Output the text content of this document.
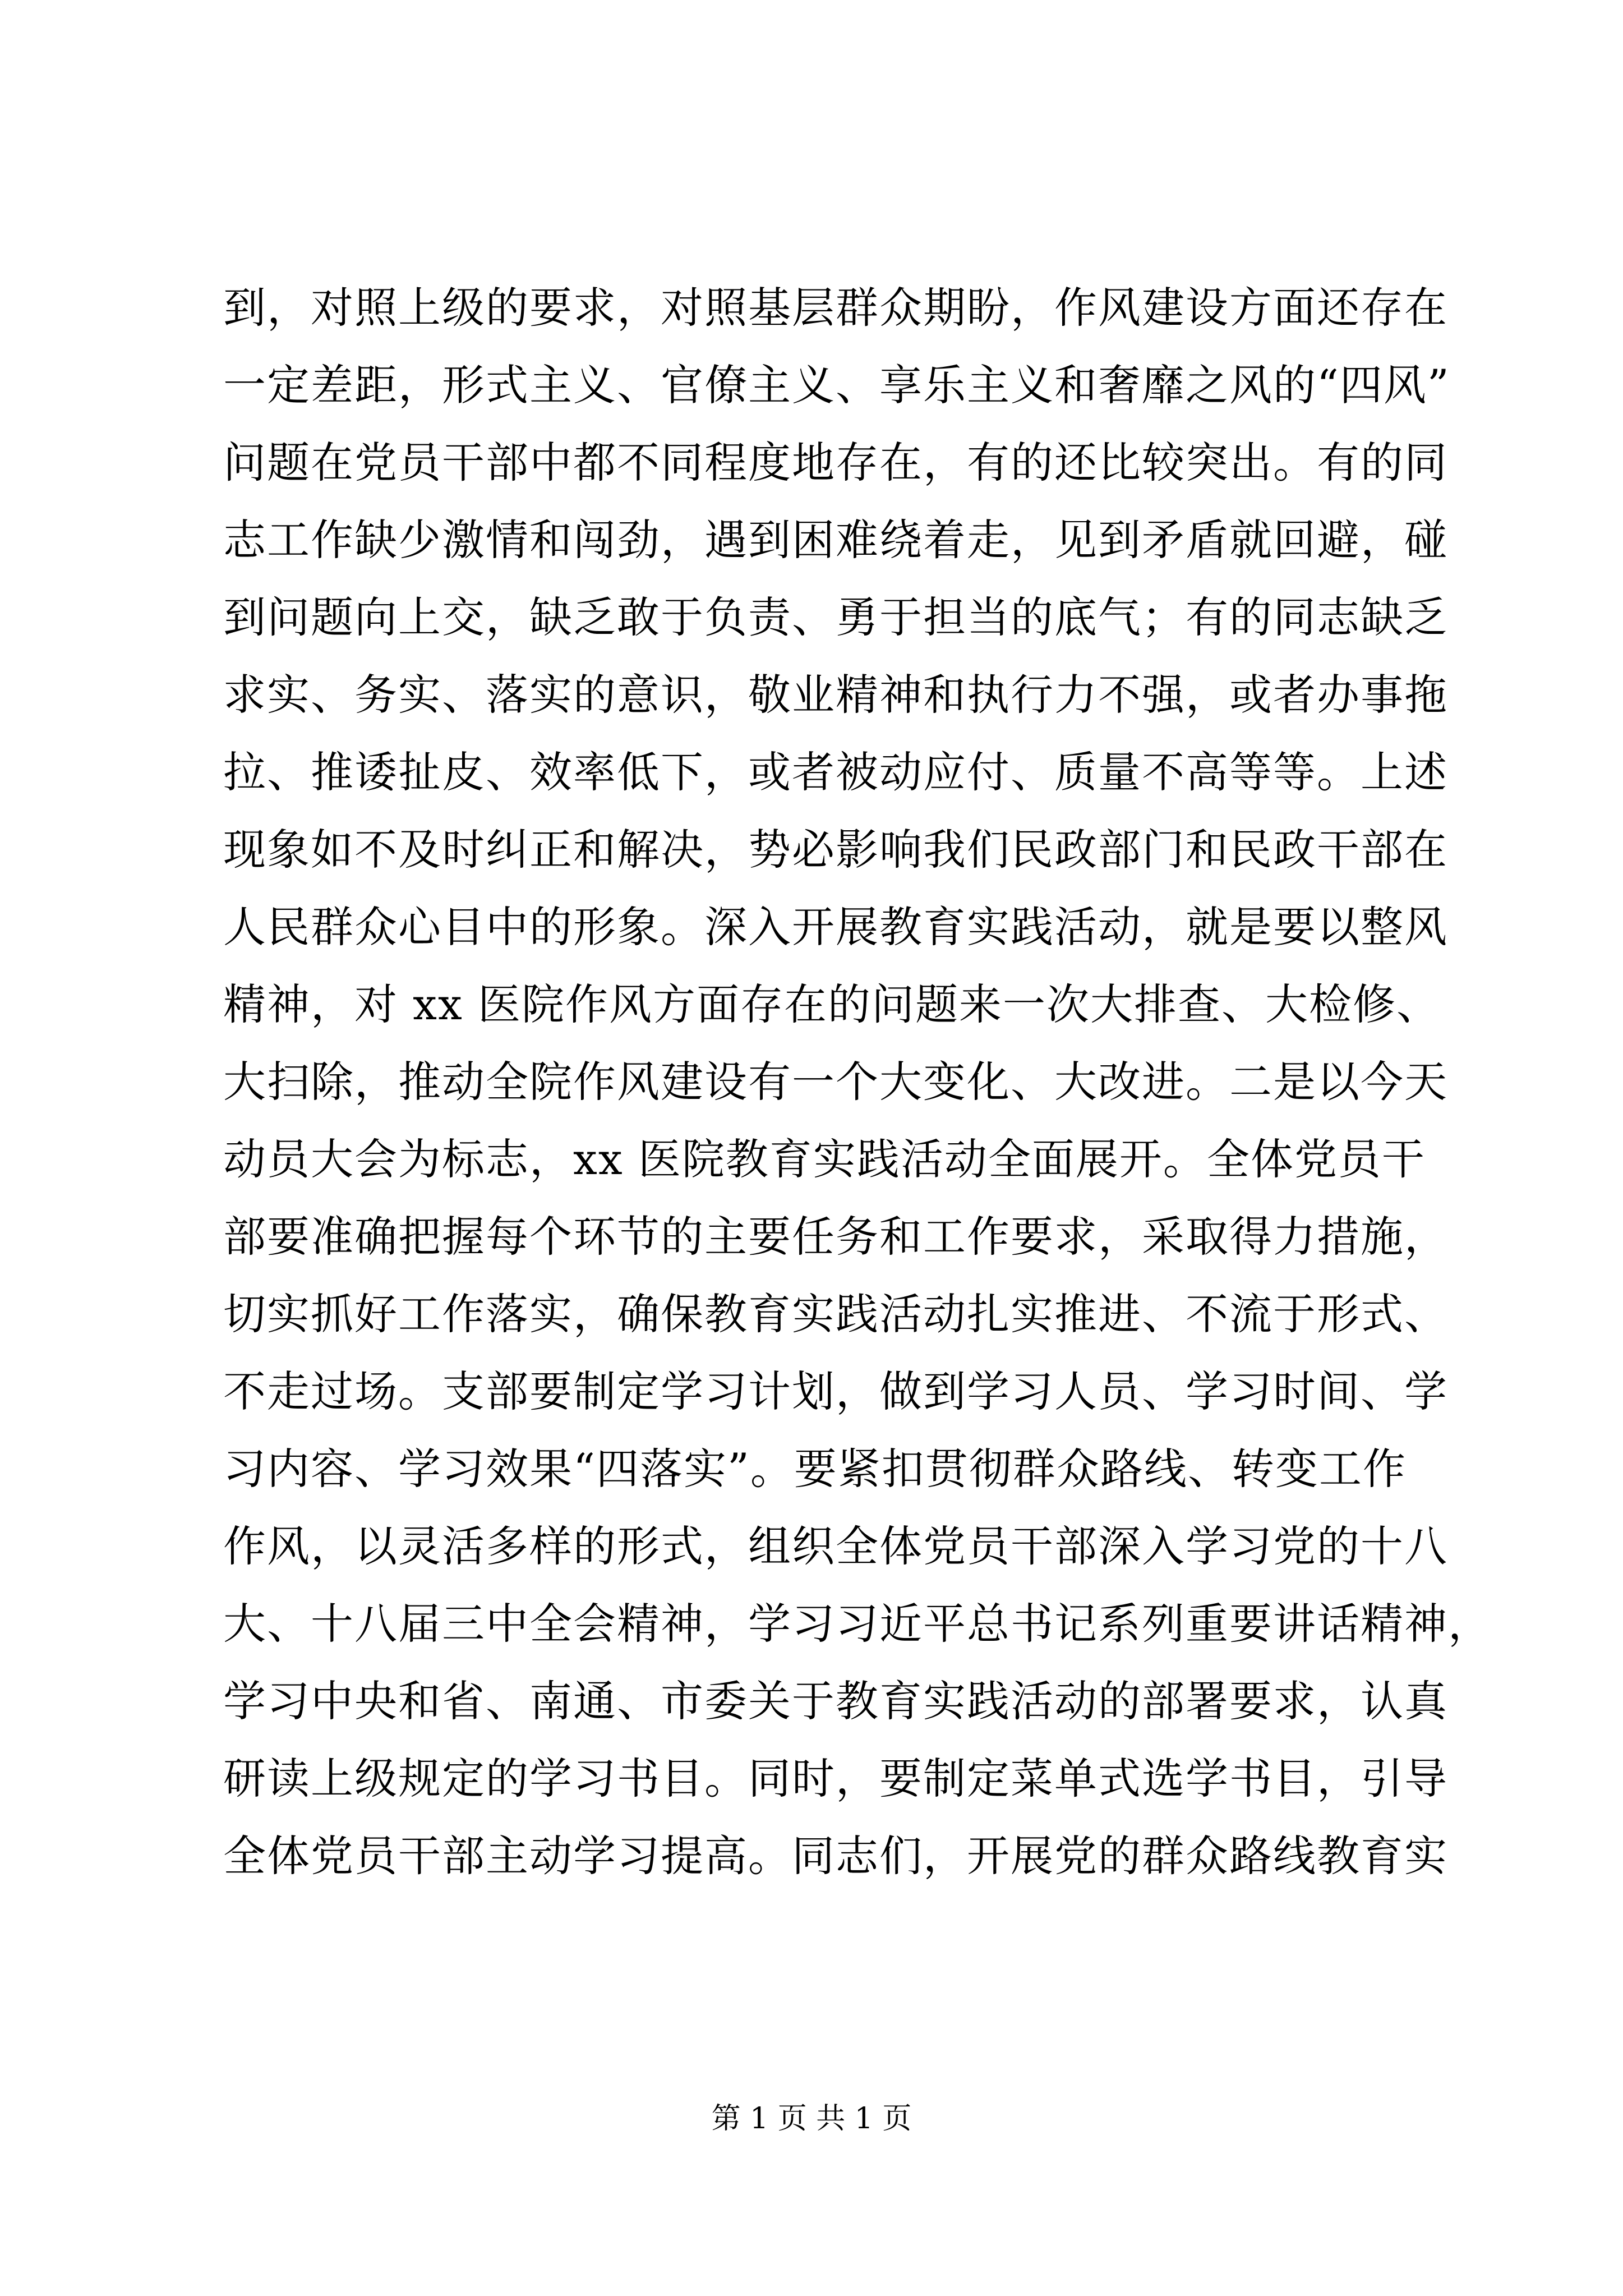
到，对照上级的要求，对照基层群众期盼，作风建设方面还存在
一定差距，形式主义、官僚主义、享乐主义和奢靡之风的“四风”
问题在党员干部中都不同程度地存在，有的还比较突出。有的同
志工作缺少激情和闯劲，遇到困难绕着走，见到矛盾就回避，碰
到问题向上交，缺乏敢于负责、勇于担当的底气；有的同志缺乏
求实、务实、落实的意识，敬业精神和执行力不强，或者办事拖
拉、推诿扯皮、效率低下，或者被动应付、质量不高等等。上述
现象如不及时纠正和解决，势必影响我们民政部门和民政干部在
人民群众心目中的形象。深入开展教育实践活动，就是要以整风
精神，对 xx 医院作风方面存在的问题来一次大排查、大检修、
大扫除，推动全院作风建设有一个大变化、大改进。二是以今天
动员大会为标志，xx 医院教育实践活动全面展开。全体党员干
部要准确把握每个环节的主要任务和工作要求，采取得力措施，
切实抓好工作落实，确保教育实践活动扎实推进、不流于形式、
不走过场。支部要制定学习计划，做到学习人员、学习时间、学
习内容、学习效果“四落实”。要紧扣贯彻群众路线、转变工作
作风，以灵活多样的形式，组织全体党员干部深入学习党的十八
大、十八届三中全会精神，学习习近平总书记系列重要讲话精神，
学习中央和省、南通、市委关于教育实践活动的部署要求，认真
研读上级规定的学习书目。同时，要制定菜单式选学书目，引导
全体党员干部主动学习提高。同志们，开展党的群众路线教育实
第 1 页 共 1 页
